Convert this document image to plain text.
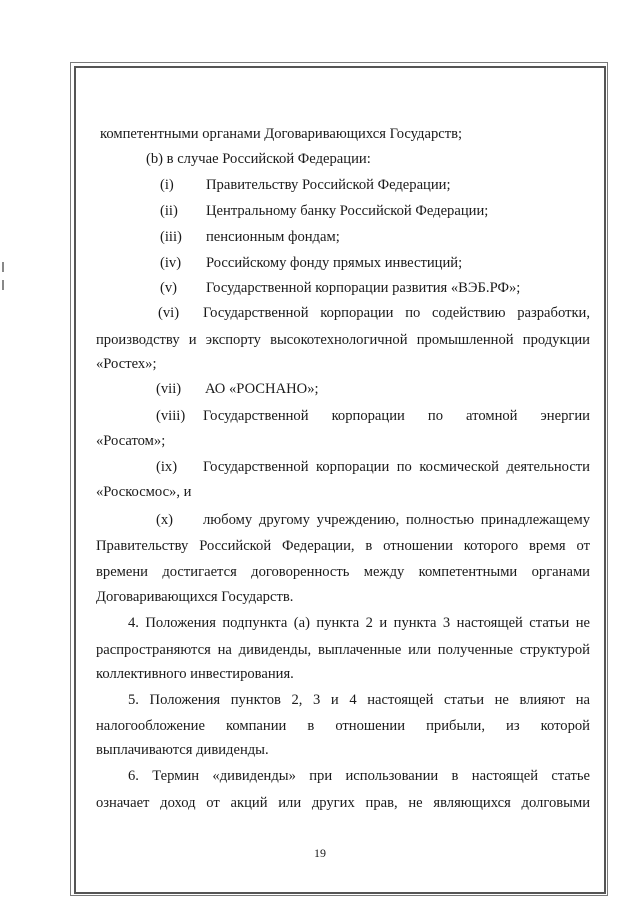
компетентными органами Договаривающихся Государств;
(b) в случае Российской Федерации:
(i) Правительству Российской Федерации;
(ii) Центральному банку Российской Федерации;
(iii) пенсионным фондам;
(iv) Российскому фонду прямых инвестиций;
(v) Государственной корпорации развития «ВЭБ.РФ»;
(vi) Государственной корпорации по содействию разработки,
производству и экспорту высокотехнологичной промышленной продукции
«Ростех»;
(vii) АО «РОСНАНО»;
(viii) Государственной корпорации по атомной энергии
«Росатом»;
(ix) Государственной корпорации по космической деятельности
«Роскосмос», и
(x) любому другому учреждению, полностью принадлежащему
Правительству Российской Федерации, в отношении которого время от
времени достигается договоренность между компетентными органами
Договаривающихся Государств.
4. Положения подпункта (а) пункта 2 и пункта 3 настоящей статьи не
распространяются на дивиденды, выплаченные или полученные структурой
коллективного инвестирования.
5. Положения пунктов 2, 3 и 4 настоящей статьи не влияют на
налогообложение компании в отношении прибыли, из которой
выплачиваются дивиденды.
6. Термин «дивиденды» при использовании в настоящей статье
означает доход от акций или других прав, не являющихся долговыми
19
